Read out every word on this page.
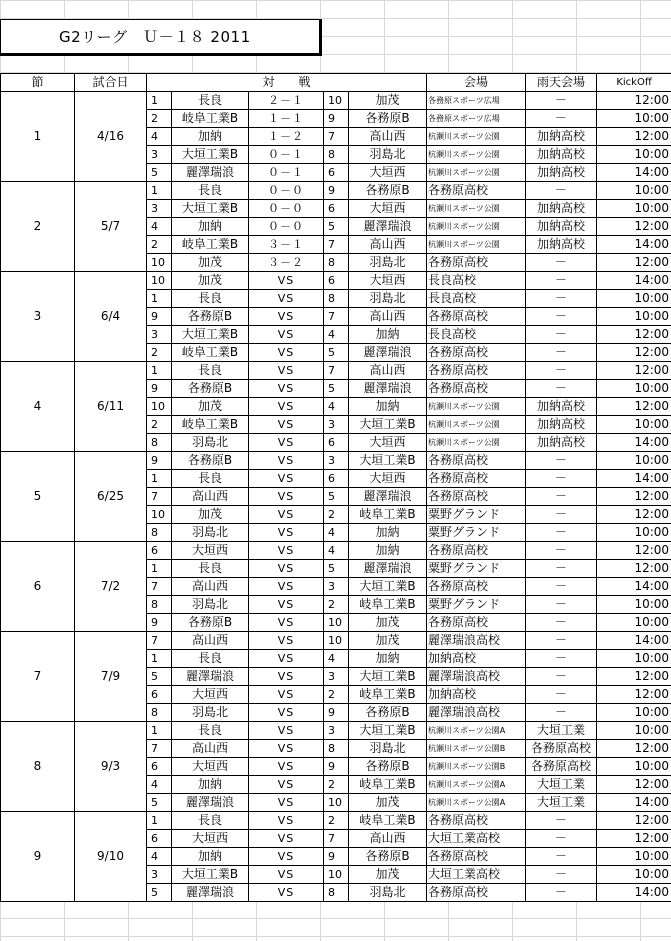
G2リーグ　Ｕ－１８ 2011
節	試合日	対　　戦					会場	雨天会場	KickOff
1	4/16	1	長良	２－１	10	加茂	各務原スポーツ広場	－	12:00
		2	岐阜工業B	１－１	9	各務原B	各務原スポーツ広場	－	10:00
		4	加納	１－２	7	高山西	杭瀬川スポーツ公園	加納高校	12:00
		3	大垣工業B	０－１	8	羽島北	杭瀬川スポーツ公園	加納高校	10:00
		5	麗澤瑞浪	０－１	6	大垣西	杭瀬川スポーツ公園	加納高校	14:00
2	5/7	1	長良	０－０	9	各務原B	各務原高校	－	10:00
		3	大垣工業B	０－０	6	大垣西	杭瀬川スポーツ公園	加納高校	10:00
		4	加納	０－０	5	麗澤瑞浪	杭瀬川スポーツ公園	加納高校	12:00
		2	岐阜工業B	３－１	7	高山西	杭瀬川スポーツ公園	加納高校	14:00
		10	加茂	３－２	8	羽島北	各務原高校	－	12:00
3	6/4	10	加茂	VS	6	大垣西	長良高校	－	14:00
		1	長良	VS	8	羽島北	長良高校	－	10:00
		9	各務原B	VS	7	高山西	各務原高校	－	10:00
		3	大垣工業B	VS	4	加納	長良高校	－	12:00
		2	岐阜工業B	VS	5	麗澤瑞浪	各務原高校	－	12:00
4	6/11	1	長良	VS	7	高山西	各務原高校	－	12:00
		9	各務原B	VS	5	麗澤瑞浪	各務原高校	－	10:00
		10	加茂	VS	4	加納	杭瀬川スポーツ公園	加納高校	12:00
		2	岐阜工業B	VS	3	大垣工業B	杭瀬川スポーツ公園	加納高校	10:00
		8	羽島北	VS	6	大垣西	杭瀬川スポーツ公園	加納高校	14:00
5	6/25	9	各務原B	VS	3	大垣工業B	各務原高校	－	10:00
		1	長良	VS	6	大垣西	各務原高校	－	14:00
		7	高山西	VS	5	麗澤瑞浪	各務原高校	－	12:00
		10	加茂	VS	2	岐阜工業B	粟野グランド	－	12:00
		8	羽島北	VS	4	加納	粟野グランド	－	10:00
6	7/2	6	大垣西	VS	4	加納	各務原高校	－	12:00
		1	長良	VS	5	麗澤瑞浪	粟野グランド	－	12:00
		7	高山西	VS	3	大垣工業B	各務原高校	－	14:00
		8	羽島北	VS	2	岐阜工業B	粟野グランド	－	10:00
		9	各務原B	VS	10	加茂	各務原高校	－	10:00
7	7/9	7	高山西	VS	10	加茂	麗澤瑞浪高校	－	14:00
		1	長良	VS	4	加納	加納高校	－	10:00
		5	麗澤瑞浪	VS	3	大垣工業B	麗澤瑞浪高校	－	12:00
		6	大垣西	VS	2	岐阜工業B	加納高校	－	12:00
		8	羽島北	VS	9	各務原B	麗澤瑞浪高校	－	10:00
8	9/3	1	長良	VS	3	大垣工業B	杭瀬川スポーツ公園A	大垣工業	10:00
		7	高山西	VS	8	羽島北	杭瀬川スポーツ公園B	各務原高校	12:00
		6	大垣西	VS	9	各務原B	杭瀬川スポーツ公園B	各務原高校	10:00
		4	加納	VS	2	岐阜工業B	杭瀬川スポーツ公園A	大垣工業	12:00
		5	麗澤瑞浪	VS	10	加茂	杭瀬川スポーツ公園A	大垣工業	14:00
9	9/10	1	長良	VS	2	岐阜工業B	各務原高校	－	12:00
		6	大垣西	VS	7	高山西	大垣工業高校	－	12:00
		4	加納	VS	9	各務原B	各務原高校	－	10:00
		3	大垣工業B	VS	10	加茂	大垣工業高校	－	10:00
		5	麗澤瑞浪	VS	8	羽島北	各務原高校	－	14:00
